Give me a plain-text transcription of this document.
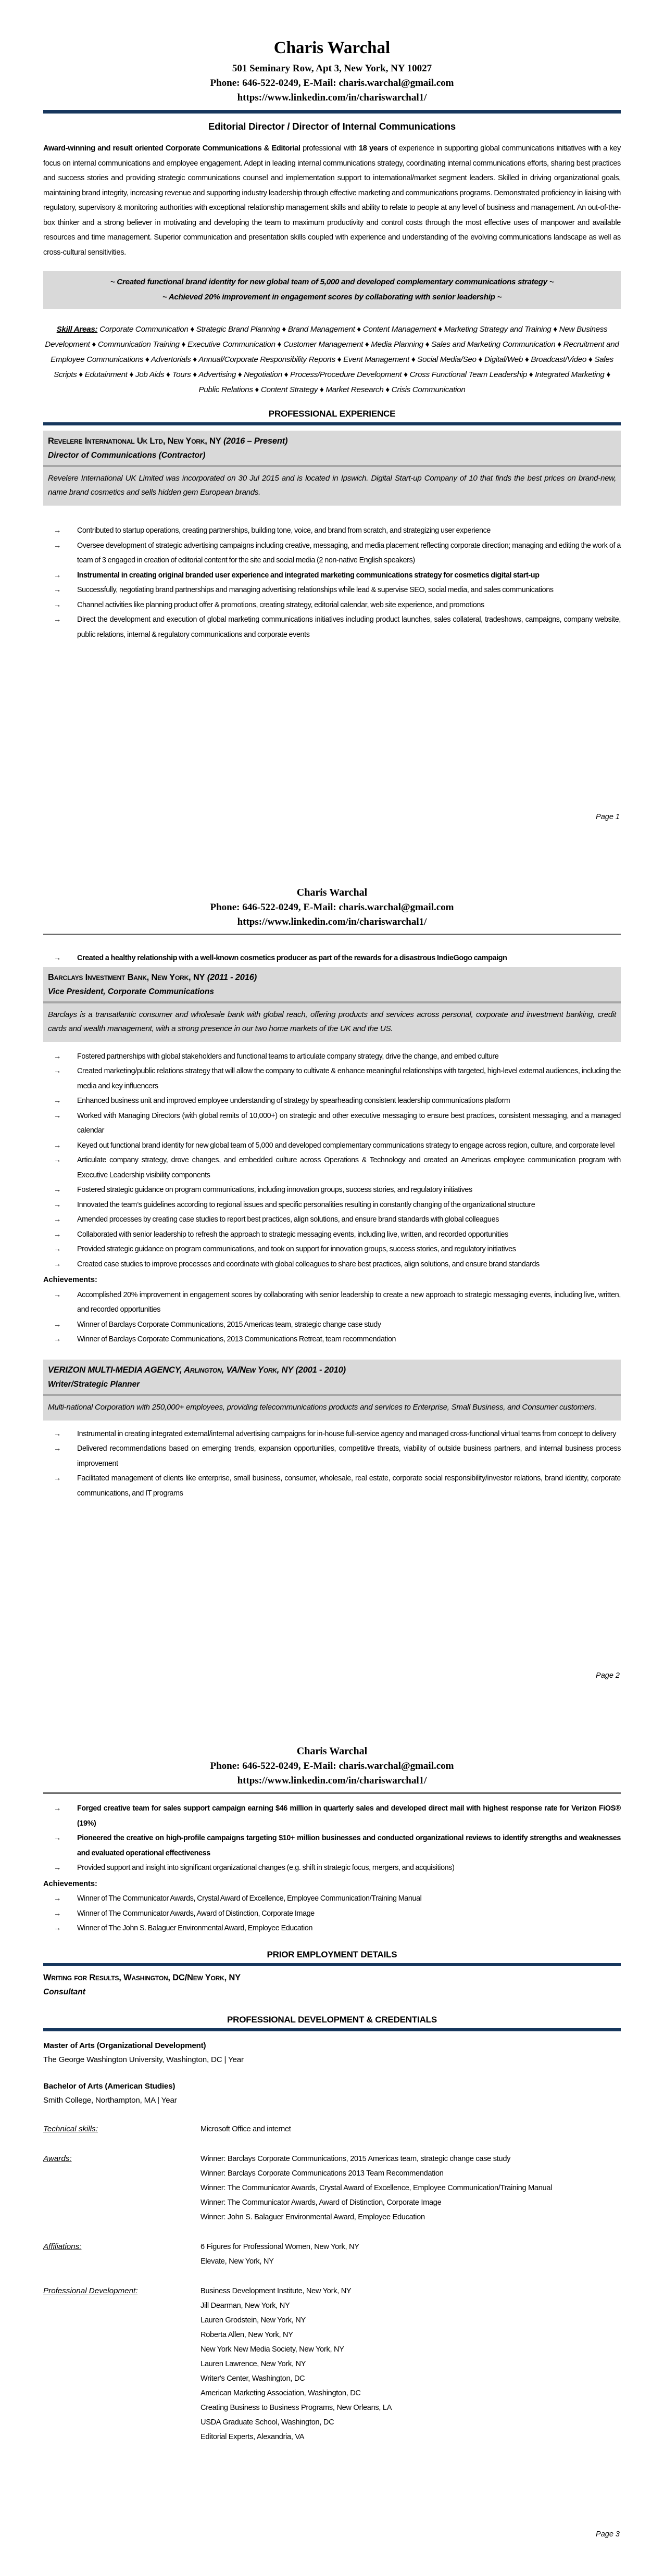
Charis Warchal
501 Seminary Row, Apt 3, New York, NY 10027
Phone: 646-522-0249, E-Mail: charis.warchal@gmail.com
https://www.linkedin.com/in/chariswarchal1/
Editorial Director / Director of Internal Communications

Award-winning and result oriented Corporate Communications & Editorial professional with 18 years of experience in supporting global communications initiatives with a key focus on internal communications and employee engagement. Adept in leading internal communications strategy, coordinating internal communications efforts, sharing best practices and success stories and providing strategic communications counsel and implementation support to international/market segment leaders. Skilled in driving organizational goals, maintaining brand integrity, increasing revenue and supporting industry leadership through effective marketing and communications programs. Demonstrated proficiency in liaising with regulatory, supervisory & monitoring authorities with exceptional relationship management skills and ability to relate to people at any level of business and management. An out-of-the-box thinker and a strong believer in motivating and developing the team to maximum productivity and control costs through the most effective uses of manpower and available resources and time management. Superior communication and presentation skills coupled with experience and understanding of the evolving communications landscape as well as cross-cultural sensitivities.

~ Created functional brand identity for new global team of 5,000 and developed complementary communications strategy ~

~ Achieved 20% improvement in engagement scores by collaborating with senior leadership ~

Skill Areas: Corporate Communication ♦ Strategic Brand Planning ♦ Brand Management ♦ Content Management ♦ Marketing Strategy and Training ♦ New Business Development ♦ Communication Training ♦ Executive Communication ♦ Customer Management ♦ Media Planning ♦ Sales and Marketing Communication ♦ Recruitment and Employee Communications ♦ Advertorials ♦ Annual/Corporate Responsibility Reports ♦ Event Management ♦ Social Media/Seo ♦ Digital/Web ♦ Broadcast/Video ♦ Sales Scripts ♦ Edutainment ♦ Job Aids ♦ Tours ♦ Advertising ♦ Negotiation ♦ Process/Procedure Development ♦ Cross Functional Team Leadership ♦ Integrated Marketing ♦ Public Relations ♦ Content Strategy ♦ Market Research ♦ Crisis Communication

PROFESSIONAL EXPERIENCE
Revelere International Uk Ltd, New York, NY (2016 – Present)
Director of Communications (Contractor)
Revelere International UK Limited was incorporated on 30 Jul 2015 and is located in Ipswich. Digital Start-up Company of 10 that finds the best prices on brand-new, name brand cosmetics and sells hidden gem European brands.
→ Contributed to startup operations, creating partnerships, building tone, voice, and brand from scratch, and strategizing user experience
→ Oversee development of strategic advertising campaigns including creative, messaging, and media placement reflecting corporate direction; managing and editing the work of a team of 3 engaged in creation of editorial content for the site and social media (2 non-native English speakers)
→ Instrumental in creating original branded user experience and integrated marketing communications strategy for cosmetics digital start-up
→ Successfully, negotiating brand partnerships and managing advertising relationships while lead & supervise SEO, social media, and sales communications
→ Channel activities like planning product offer & promotions, creating strategy, editorial calendar, web site experience, and promotions
→ Direct the development and execution of global marketing communications initiatives including product launches, sales collateral, tradeshows, campaigns, company website, public relations, internal & regulatory communications and corporate events
Page 1
Charis Warchal
Phone: 646-522-0249, E-Mail: charis.warchal@gmail.com
https://www.linkedin.com/in/chariswarchal1/
→ Created a healthy relationship with a well-known cosmetics producer as part of the rewards for a disastrous IndieGogo campaign
Barclays Investment Bank, New York, NY (2011 - 2016)
Vice President, Corporate Communications
Barclays is a transatlantic consumer and wholesale bank with global reach, offering products and services across personal, corporate and investment banking, credit cards and wealth management, with a strong presence in our two home markets of the UK and the US.
→ Fostered partnerships with global stakeholders and functional teams to articulate company strategy, drive the change, and embed culture
→ Created marketing/public relations strategy that will allow the company to cultivate & enhance meaningful relationships with targeted, high-level external audiences, including the media and key influencers
→ Enhanced business unit and improved employee understanding of strategy by spearheading consistent leadership communications platform
→ Worked with Managing Directors (with global remits of 10,000+) on strategic and other executive messaging to ensure best practices, consistent messaging, and a managed calendar
→ Keyed out functional brand identity for new global team of 5,000 and developed complementary communications strategy to engage across region, culture, and corporate level
→ Articulate company strategy, drove changes, and embedded culture across Operations & Technology and created an Americas employee communication program with Executive Leadership visibility components
→ Fostered strategic guidance on program communications, including innovation groups, success stories, and regulatory initiatives
→ Innovated the team’s guidelines according to regional issues and specific personalities resulting in constantly changing of the organizational structure
→ Amended processes by creating case studies to report best practices, align solutions, and ensure brand standards with global colleagues
→ Collaborated with senior leadership to refresh the approach to strategic messaging events, including live, written, and recorded opportunities
→ Provided strategic guidance on program communications, and took on support for innovation groups, success stories, and regulatory initiatives
→ Created case studies to improve processes and coordinate with global colleagues to share best practices, align solutions, and ensure brand standards
Achievements:
→ Accomplished 20% improvement in engagement scores by collaborating with senior leadership to create a new approach to strategic messaging events, including live, written, and recorded opportunities
→ Winner of Barclays Corporate Communications, 2015 Americas team, strategic change case study
→ Winner of Barclays Corporate Communications, 2013 Communications Retreat, team recommendation
VERIZON MULTI-MEDIA AGENCY, Arlington, VA/New York, NY (2001 - 2010)
Writer/Strategic Planner
Multi-national Corporation with 250,000+ employees, providing telecommunications products and services to Enterprise, Small Business, and Consumer customers.
→ Instrumental in creating integrated external/internal advertising campaigns for in-house full-service agency and managed cross-functional virtual teams from concept to delivery
→ Delivered recommendations based on emerging trends, expansion opportunities, competitive threats, viability of outside business partners, and internal business process improvement
→ Facilitated management of clients like enterprise, small business, consumer, wholesale, real estate, corporate social responsibility/investor relations, brand identity, corporate communications, and IT programs
Page 2
Charis Warchal
Phone: 646-522-0249, E-Mail: charis.warchal@gmail.com
https://www.linkedin.com/in/chariswarchal1/
→ Forged creative team for sales support campaign earning $46 million in quarterly sales and developed direct mail with highest response rate for Verizon FiOS® (19%)
→ Pioneered the creative on high-profile campaigns targeting $10+ million businesses and conducted organizational reviews to identify strengths and weaknesses and evaluated operational effectiveness
→ Provided support and insight into significant organizational changes (e.g. shift in strategic focus, mergers, and acquisitions)
Achievements:
→ Winner of The Communicator Awards, Crystal Award of Excellence, Employee Communication/Training Manual
→ Winner of The Communicator Awards, Award of Distinction, Corporate Image
→ Winner of The John S. Balaguer Environmental Award, Employee Education
PRIOR EMPLOYMENT DETAILS
Writing for Results, Washington, DC/New York, NY
Consultant
PROFESSIONAL DEVELOPMENT & CREDENTIALS
Master of Arts (Organizational Development)
The George Washington University, Washington, DC | Year
Bachelor of Arts (American Studies)
Smith College, Northampton, MA | Year
Technical skills:	Microsoft Office and internet
Awards:	Winner: Barclays Corporate Communications, 2015 Americas team, strategic change case study
Winner: Barclays Corporate Communications 2013 Team Recommendation
Winner: The Communicator Awards, Crystal Award of Excellence, Employee Communication/Training Manual
Winner: The Communicator Awards, Award of Distinction, Corporate Image
Winner: John S. Balaguer Environmental Award, Employee Education
Affiliations:	6 Figures for Professional Women, New York, NY
Elevate, New York, NY
Professional Development:	Business Development Institute, New York, NY
Jill Dearman, New York, NY
Lauren Grodstein, New York, NY
Roberta Allen, New York, NY
New York New Media Society, New York, NY
Lauren Lawrence, New York, NY
Writer's Center, Washington, DC
American Marketing Association, Washington, DC
Creating Business to Business Programs, New Orleans, LA
USDA Graduate School, Washington, DC
Editorial Experts, Alexandria, VA
Page 3
